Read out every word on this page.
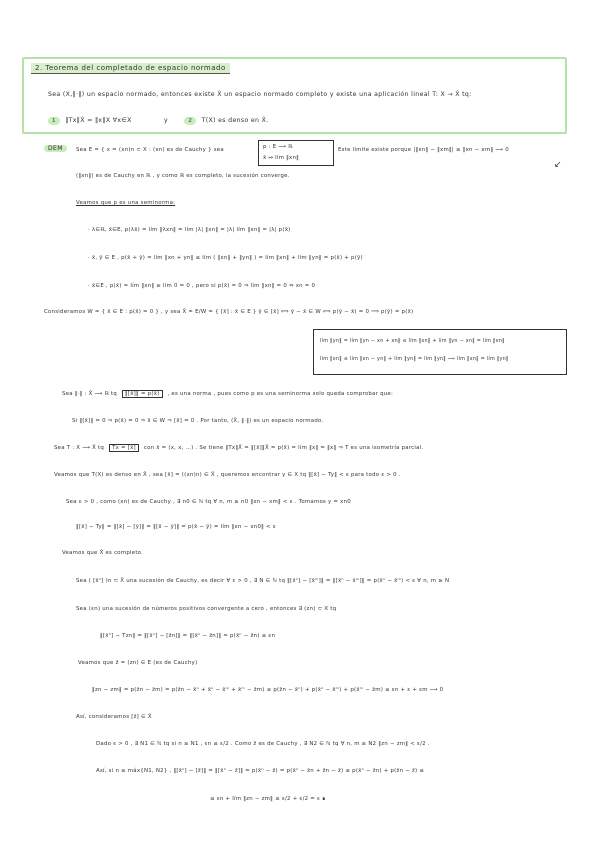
2. Teorema del completado de espacio normado
Sea (X,‖·‖) un espacio normado, entonces existe X̂ un espacio normado completo y existe una aplicación lineal T: X → X̂ tq:
1 ‖Tx‖X̂ = ‖x‖X ∀x∈X	y	2 T(X) es denso en X̂.
DEM	Sea E = { x = (xn)n ⊂ X : (xn) es de Cauchy } sea	p : E ⟶ ℝ
x̄ ↦ lím ‖xn‖
Este límite existe porque |‖xn‖ − ‖xm‖| ≤ ‖xn − xm‖ ⟶ 0
↙
(‖xn‖) es de Cauchy en ℝ , y como ℝ es completo, la sucesión converge.
Veamos que p es una seminorma:
· λ∈ℝ, x̄∈E, p(λx̄) = lím ‖λxn‖ = lím |λ| ‖xn‖ = |λ| lím ‖xn‖ = |λ| p(x̄)
· x̄, ȳ ∈ E , p(x̄ + ȳ) = lím ‖xn + yn‖ ≤ lím ( ‖xn‖ + ‖yn‖ ) = lím ‖xn‖ + lím ‖yn‖ = p(x̄) + p(ȳ)
· x̄∈E , p(x̄) = lím ‖xn‖ ≥ lím 0 = 0 , pero si p(x̄) = 0 ⇒ lím ‖xn‖ = 0 ⇏ xn = 0
Consideramos W = { x̄ ∈ E : p(x̄) = 0 } , y sea X̂ = E/W = { [x̄] : x̄ ∈ E } ȳ ∈ [x̄] ⟺ ȳ − x̄ ∈ W ⟺ p(ȳ − x̄) = 0 ⟹ p(ȳ) = p(x̄)
lím ‖yn‖ = lím ‖yn − xn + xn‖ ≤ lím ‖xn‖ + lím ‖yn − xn‖ = lím ‖xn‖
lím ‖xn‖ ≤ lím ‖xn − yn‖ + lím ‖yn‖ = lím ‖yn‖ ⟹ lím ‖xn‖ = lím ‖yn‖
Sea ‖·‖ : X̂ ⟶ ℝ tq ‖[x̄]‖ = p(x̄) , es una norma , pues como p es una seminorma solo queda comprobar que:
Si ‖[x̄]‖ = 0 ⇒ p(x̄) = 0 ⇒ x̄ ∈ W ⇒ [x̄] = 0 . Por tanto, (X̂, ‖·‖) es un espacio normado.
Sea T : X ⟶ X̂ tq Tx = [x̄] con x̄ = (x, x, …) . Se tiene ‖Tx‖X̂ = ‖[x̄]‖X̂ = p(x̄) = lím ‖x‖ = ‖x‖ ⇒ T es una isometría parcial.
Veamos que T(X) es denso en X̂ , sea [x̄] = ((xn)n) ∈ X̂ , queremos encontrar y ∈ X tq ‖[x̄] − Ty‖ < ε para todo ε > 0 .
Sea ε > 0 , como (xn) es de Cauchy , ∃ n0 ∈ ℕ tq ∀ n, m ≥ n0 ‖xn − xm‖ < ε . Tomamos y = xn0
‖[x̄] − Ty‖ = ‖[x̄] − [ȳ]‖ = ‖[x̄ − ȳ]‖ = p(x̄ − ȳ) = lím ‖xn − xn0‖ < ε
Veamos que X̂ es completo.
Sea ( [x̄ⁿ] )n ⊂ X̂ una sucesión de Cauchy, es decir ∀ ε > 0 , ∃ N ∈ ℕ tq ‖[x̄ⁿ] − [x̄ᵐ]‖ = ‖[x̄ⁿ − x̄ᵐ]‖ = p(x̄ⁿ − x̄ᵐ) < ε ∀ n, m ≥ N
Sea (εn) una sucesión de números positivos convergente a cero , entonces ∃ (zn) ⊂ X tq
‖[x̄ⁿ] − Tzn‖ = ‖[x̄ⁿ] − [z̄n]‖ = ‖[x̄ⁿ − z̄n]‖ = p(x̄ⁿ − z̄n) ≤ εn
Veamos que z̄ = (zn) ∈ E (es de Cauchy)
‖zn − zm‖ = p(z̄n − z̄m) = p(z̄n − x̄ⁿ + x̄ⁿ − x̄ᵐ + x̄ᵐ − z̄m) ≤ p(z̄n − x̄ⁿ) + p(x̄ⁿ − x̄ᵐ) + p(x̄ᵐ − z̄m) ≤ εn + ε + εm ⟶ 0
Así, consideramos [z̄] ∈ X̂
Dado ε > 0 , ∃ N1 ∈ ℕ tq si n ≥ N1 , εn ≤ ε/2 . Como z̄ es de Cauchy , ∃ N2 ∈ ℕ tq ∀ n, m ≥ N2 ‖zn − zm‖ < ε/2 .
Así, si n ≥ máx{N1, N2} , ‖[x̄ⁿ] − [z̄]‖ = ‖[x̄ⁿ − z̄]‖ = p(x̄ⁿ − z̄) = p(x̄ⁿ − z̄n + z̄n − z̄) ≤ p(x̄ⁿ − z̄n) + p(z̄n − z̄) ≤
≤ εn + lím ‖zn − zm‖ ≤ ε/2 + ε/2 = ε ∎
